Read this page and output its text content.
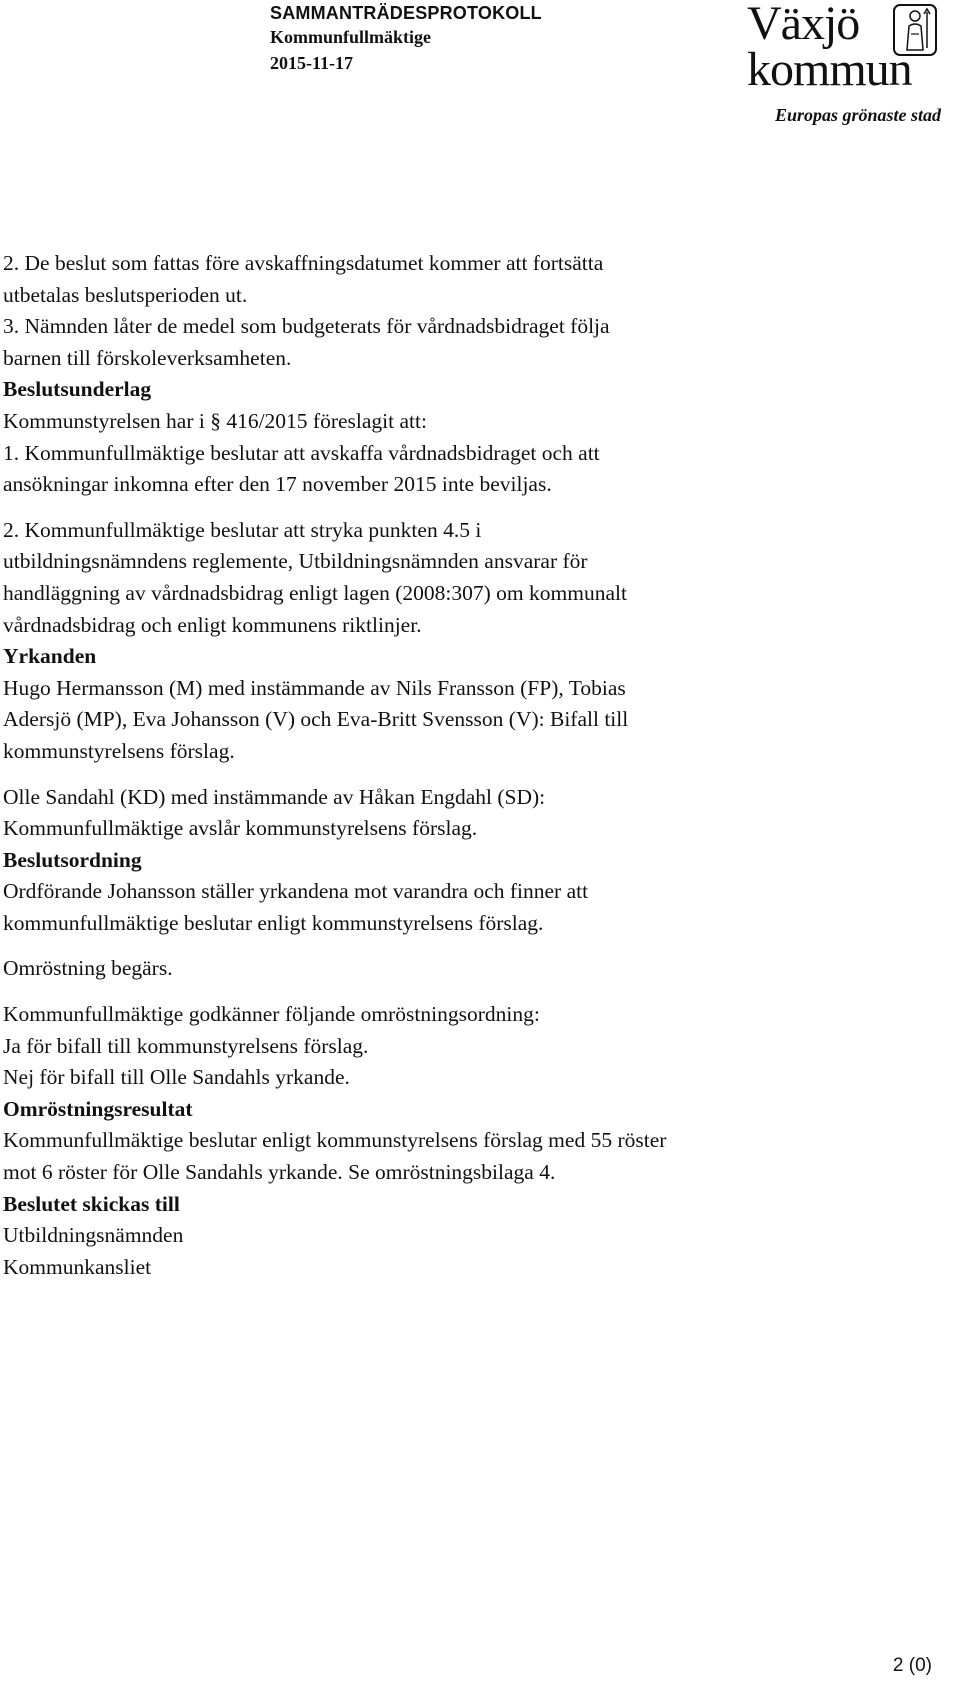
SAMMANTRÄDESPROTOKOLL
Kommunfullmäktige
2015-11-17
Växjö
kommun
Europas grönaste stad

2. De beslut som fattas före avskaffningsdatumet kommer att fortsätta

utbetalas beslutsperioden ut.

3. Nämnden låter de medel som budgeterats för vårdnadsbidraget följa

barnen till förskoleverksamheten.

Beslutsunderlag

Kommunstyrelsen har i § 416/2015 föreslagit att:

1. Kommunfullmäktige beslutar att avskaffa vårdnadsbidraget och att

ansökningar inkomna efter den 17 november 2015 inte beviljas.

2. Kommunfullmäktige beslutar att stryka punkten 4.5 i

utbildningsnämndens reglemente, Utbildningsnämnden ansvarar för

handläggning av vårdnadsbidrag enligt lagen (2008:307) om kommunalt

vårdnadsbidrag och enligt kommunens riktlinjer.

Yrkanden

Hugo Hermansson (M) med instämmande av Nils Fransson (FP), Tobias

Adersjö (MP), Eva Johansson (V) och Eva-Britt Svensson (V): Bifall till

kommunstyrelsens förslag.

Olle Sandahl (KD) med instämmande av Håkan Engdahl (SD):

Kommunfullmäktige avslår kommunstyrelsens förslag.

Beslutsordning

Ordförande Johansson ställer yrkandena mot varandra och finner att

kommunfullmäktige beslutar enligt kommunstyrelsens förslag.

Omröstning begärs.

Kommunfullmäktige godkänner följande omröstningsordning:

Ja för bifall till kommunstyrelsens förslag.

Nej för bifall till Olle Sandahls yrkande.

Omröstningsresultat

Kommunfullmäktige beslutar enligt kommunstyrelsens förslag med 55 röster

mot 6 röster för Olle Sandahls yrkande. Se omröstningsbilaga 4.

Beslutet skickas till

Utbildningsnämnden

Kommunkansliet

2 (0)
